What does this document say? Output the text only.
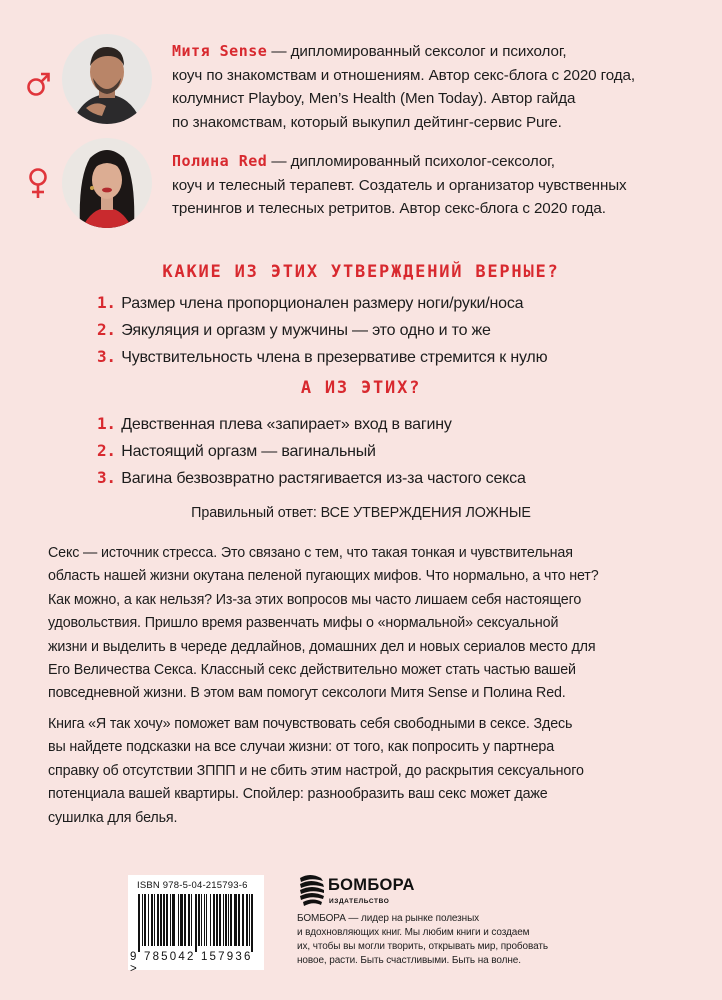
Митя Sense — дипломированный сексолог и психолог,
коуч по знакомствам и отношениям. Автор секс-блога с 2020 года,
колумнист Playboy, Men’s Health (Men Today). Автор гайда
по знакомствам, который выкупил дейтинг-сервис Pure.
Полина Red — дипломированный психолог-сексолог,
коуч и телесный терапевт. Создатель и организатор чувственных
тренингов и телесных ретритов. Автор секс-блога с 2020 года.
КАКИЕ ИЗ ЭТИХ УТВЕРЖДЕНИЙ ВЕРНЫЕ?
1. Размер члена пропорционален размеру ноги/руки/носа
2. Эякуляция и оргазм у мужчины — это одно и то же
3. Чувствительность члена в презервативе стремится к нулю
А ИЗ ЭТИХ?
1. Девственная плева «запирает» вход в вагину
2. Настоящий оргазм — вагинальный
3. Вагина безвозвратно растягивается из-за частого секса
Правильный ответ: ВСЕ УТВЕРЖДЕНИЯ ЛОЖНЫЕ
Секс — источник стресса. Это связано с тем, что такая тонкая и чувствительная
область нашей жизни окутана пеленой пугающих мифов. Что нормально, а что нет?
Как можно, а как нельзя? Из-за этих вопросов мы часто лишаем себя настоящего
удовольствия. Пришло время развенчать мифы о «нормальной» сексуальной
жизни и выделить в череде дедлайнов, домашних дел и новых сериалов место для
Его Величества Секса. Классный секс действительно может стать частью вашей
повседневной жизни. В этом вам помогут сексологи Митя Sense и Полина Red.
Книга «Я так хочу» поможет вам почувствовать себя свободными в сексе. Здесь
вы найдете подсказки на все случаи жизни: от того, как попросить у партнера
справку об отсутствии ЗППП и не сбить этим настрой, до раскрытия сексуального
потенциала вашей квартиры. Спойлер: разнообразить ваш секс может даже
сушилка для белья.
ISBN 978-5-04-215793-6
9 785042 157936 >
БОМБОРА
ИЗДАТЕЛЬСТВО
БОМБОРА — лидер на рынке полезных
и вдохновляющих книг. Мы любим книги и создаем
их, чтобы вы могли творить, открывать мир, пробовать
новое, расти. Быть счастливыми. Быть на волне.
